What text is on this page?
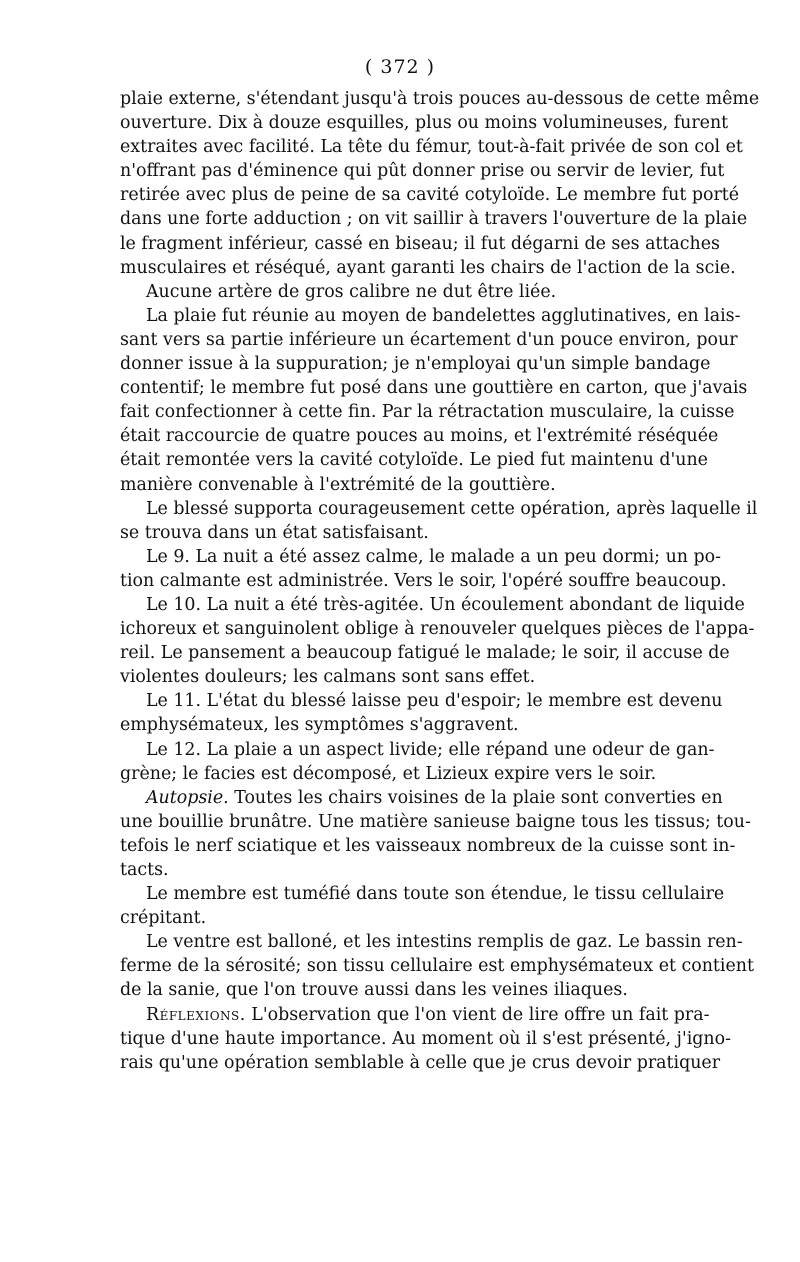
( 372 )
plaie externe, s'étendant jusqu'à trois pouces au-dessous de cette même
ouverture. Dix à douze esquilles, plus ou moins volumineuses, furent
extraites avec facilité. La tête du fémur, tout-à-fait privée de son col et
n'offrant pas d'éminence qui pût donner prise ou servir de levier, fut
retirée avec plus de peine de sa cavité cotyloïde. Le membre fut porté
dans une forte adduction ; on vit saillir à travers l'ouverture de la plaie
le fragment inférieur, cassé en biseau; il fut dégarni de ses attaches
musculaires et réséqué, ayant garanti les chairs de l'action de la scie.
Aucune artère de gros calibre ne dut être liée.
La plaie fut réunie au moyen de bandelettes agglutinatives, en lais-
sant vers sa partie inférieure un écartement d'un pouce environ, pour
donner issue à la suppuration; je n'employai qu'un simple bandage
contentif; le membre fut posé dans une gouttière en carton, que j'avais
fait confectionner à cette fin. Par la rétractation musculaire, la cuisse
était raccourcie de quatre pouces au moins, et l'extrémité réséquée
était remontée vers la cavité cotyloïde. Le pied fut maintenu d'une
manière convenable à l'extrémité de la gouttière.
Le blessé supporta courageusement cette opération, après laquelle il
se trouva dans un état satisfaisant.
Le 9. La nuit a été assez calme, le malade a un peu dormi; un po-
tion calmante est administrée. Vers le soir, l'opéré souffre beaucoup.
Le 10. La nuit a été très-agitée. Un écoulement abondant de liquide
ichoreux et sanguinolent oblige à renouveler quelques pièces de l'appa-
reil. Le pansement a beaucoup fatigué le malade; le soir, il accuse de
violentes douleurs; les calmans sont sans effet.
Le 11. L'état du blessé laisse peu d'espoir; le membre est devenu
emphysémateux, les symptômes s'aggravent.
Le 12. La plaie a un aspect livide; elle répand une odeur de gan-
grène; le facies est décomposé, et Lizieux expire vers le soir.
Autopsie. Toutes les chairs voisines de la plaie sont converties en
une bouillie brunâtre. Une matière sanieuse baigne tous les tissus; tou-
tefois le nerf sciatique et les vaisseaux nombreux de la cuisse sont in-
tacts.
Le membre est tuméfié dans toute son étendue, le tissu cellulaire
crépitant.
Le ventre est balloné, et les intestins remplis de gaz. Le bassin ren-
ferme de la sérosité; son tissu cellulaire est emphysémateux et contient
de la sanie, que l'on trouve aussi dans les veines iliaques.
Réflexions. L'observation que l'on vient de lire offre un fait pra-
tique d'une haute importance. Au moment où il s'est présenté, j'igno-
rais qu'une opération semblable à celle que je crus devoir pratiquer
